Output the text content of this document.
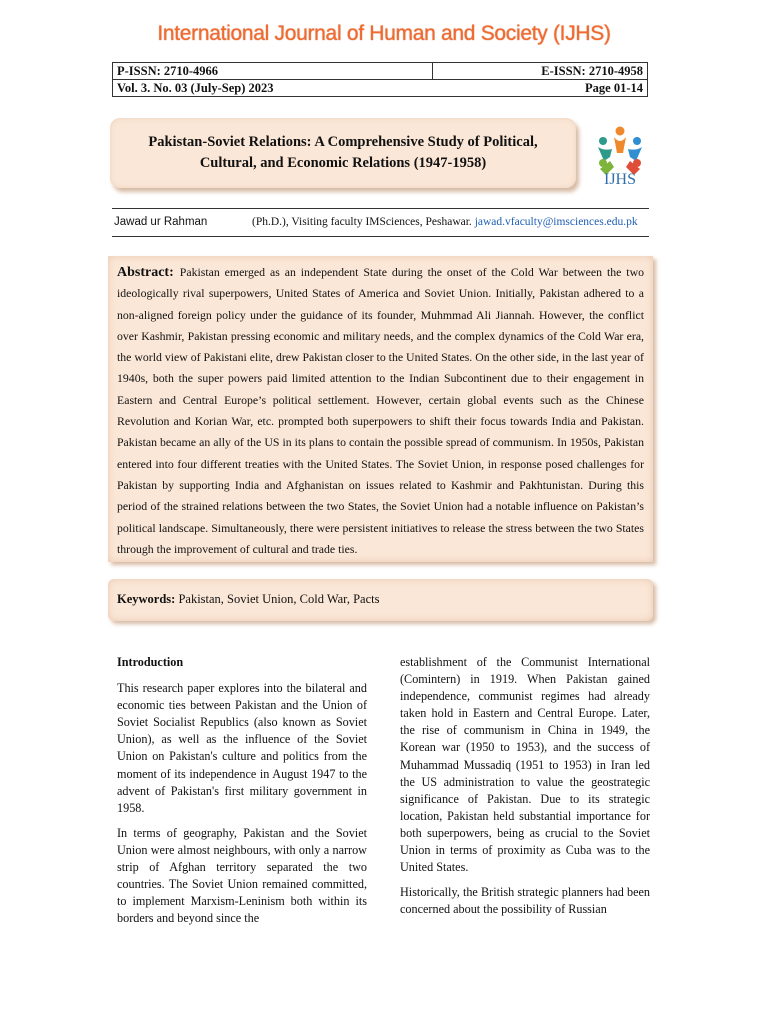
International Journal of Human and Society (IJHS)
P-ISSN: 2710-4966	E-ISSN: 2710-4958
Vol. 3. No. 03 (July-Sep) 2023	Page 01-14
Pakistan-Soviet Relations: A Comprehensive Study of Political, Cultural, and Economic Relations (1947-1958)
IJHS
Jawad ur Rahman	(Ph.D.), Visiting faculty IMSciences, Peshawar. jawad.vfaculty@imsciences.edu.pk

Abstract: Pakistan emerged as an independent State during the onset of the Cold War between the two ideologically rival superpowers, United States of America and Soviet Union. Initially, Pakistan adhered to a non-aligned foreign policy under the guidance of its founder, Muhmmad Ali Jiannah. However, the conflict over Kashmir, Pakistan pressing economic and military needs, and the complex dynamics of the Cold War era, the world view of Pakistani elite, drew Pakistan closer to the United States. On the other side, in the last year of 1940s, both the super powers paid limited attention to the Indian Subcontinent due to their engagement in Eastern and Central Europe’s political settlement. However, certain global events such as the Chinese Revolution and Korian War, etc. prompted both superpowers to shift their focus towards India and Pakistan. Pakistan became an ally of the US in its plans to contain the possible spread of communism. In 1950s, Pakistan entered into four different treaties with the United States. The Soviet Union, in response posed challenges for Pakistan by supporting India and Afghanistan on issues related to Kashmir and Pakhtunistan. During this period of the strained relations between the two States, the Soviet Union had a notable influence on Pakistan’s political landscape. Simultaneously, there were persistent initiatives to release the stress between the two States through the improvement of cultural and trade ties.

Keywords: Pakistan, Soviet Union, Cold War, Pacts
Introduction

This research paper explores into the bilateral and economic ties between Pakistan and the Union of Soviet Socialist Republics (also known as Soviet Union), as well as the influence of the Soviet Union on Pakistan's culture and politics from the moment of its independence in August 1947 to the advent of Pakistan's first military government in 1958.

In terms of geography, Pakistan and the Soviet Union were almost neighbours, with only a narrow strip of Afghan territory separated the two countries. The Soviet Union remained committed, to implement Marxism-Leninism both within its borders and beyond since the

establishment of the Communist International (Comintern) in 1919. When Pakistan gained independence, communist regimes had already taken hold in Eastern and Central Europe. Later, the rise of communism in China in 1949, the Korean war (1950 to 1953), and the success of Muhammad Mussadiq (1951 to 1953) in Iran led the US administration to value the geostrategic significance of Pakistan. Due to its strategic location, Pakistan held substantial importance for both superpowers, being as crucial to the Soviet Union in terms of proximity as Cuba was to the United States.

Historically, the British strategic planners had been concerned about the possibility of Russian
